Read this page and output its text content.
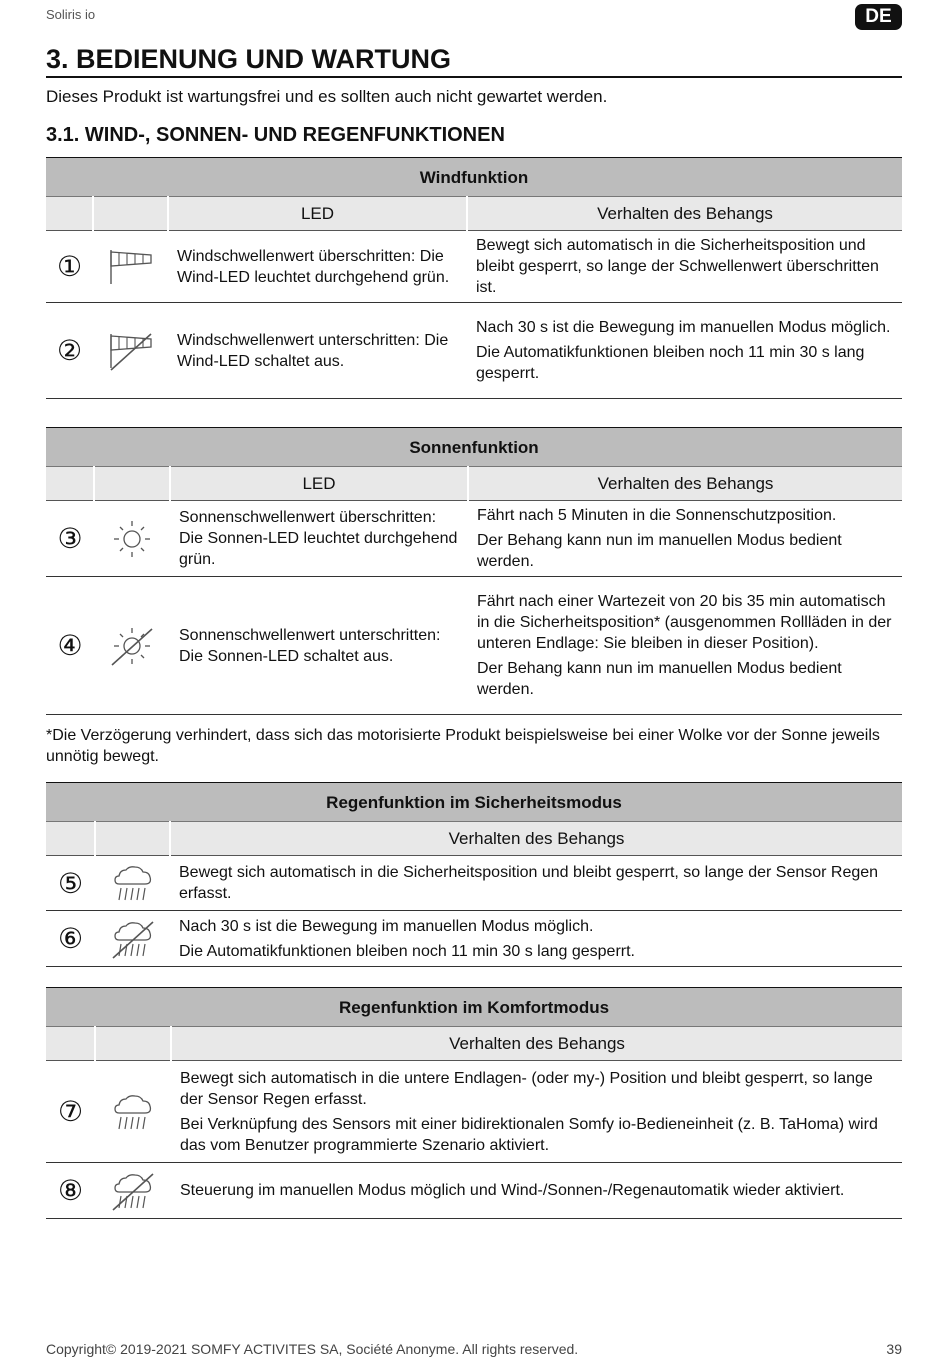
Soliris io	DE
3. BEDIENUNG UND WARTUNG
Dieses Produkt ist wartungsfrei und es sollten auch nicht gewartet werden.
3.1. WIND-, SONNEN- UND REGENFUNKTIONEN
Windfunktion			
		LED	Verhalten des Behangs
①		Windschwellenwert überschritten: Die Wind-LED leuchtet durchgehend grün.	Bewegt sich automatisch in die Sicherheitsposition und bleibt gesperrt, so lange der Schwellenwert überschritten ist.

②		Windschwellenwert unterschritten: Die Wind-LED schaltet aus.	Nach 30 s ist die Bewegung im manuellen Modus möglich.

Die Automatikfunktionen bleiben noch 11 min 30 s lang gesperrt.

Sonnenfunktion			
		LED	Verhalten des Behangs
③		Sonnenschwellenwert überschritten: Die Sonnen-LED leuchtet durchgehend grün.	Fährt nach 5 Minuten in die Sonnenschutzposition.

Der Behang kann nun im manuellen Modus bedient werden.

④		Sonnenschwellenwert unterschritten: Die Sonnen-LED schaltet aus.	Fährt nach einer Wartezeit von 20 bis 35 min automatisch in die Sicherheitsposition* (ausgenommen Rollläden in der unteren Endlage: Sie bleiben in dieser Position).

Der Behang kann nun im manuellen Modus bedient werden.

*Die Verzögerung verhindert, dass sich das motorisierte Produkt beispielsweise bei einer Wolke vor der Sonne jeweils unnötig bewegt.
Regenfunktion im Sicherheitsmodus		
		Verhalten des Behangs
⑤		Bewegt sich automatisch in die Sicherheitsposition und bleibt gesperrt, so lange der Sensor Regen erfasst.

⑥		Nach 30 s ist die Bewegung im manuellen Modus möglich.

Die Automatikfunktionen bleiben noch 11 min 30 s lang gesperrt.

Regenfunktion im Komfortmodus		
		Verhalten des Behangs
⑦		Bewegt sich automatisch in die untere Endlagen- (oder my-) Position und bleibt gesperrt, so lange der Sensor Regen erfasst.

Bei Verknüpfung des Sensors mit einer bidirektionalen Somfy io-Bedieneinheit (z. B. TaHoma) wird das vom Benutzer programmierte Szenario aktiviert.

⑧		Steuerung im manuellen Modus möglich und Wind-/Sonnen-/Regenautomatik wieder aktiviert.

Copyright© 2019-2021 SOMFY ACTIVITES SA, Société Anonyme. All rights reserved.	39
